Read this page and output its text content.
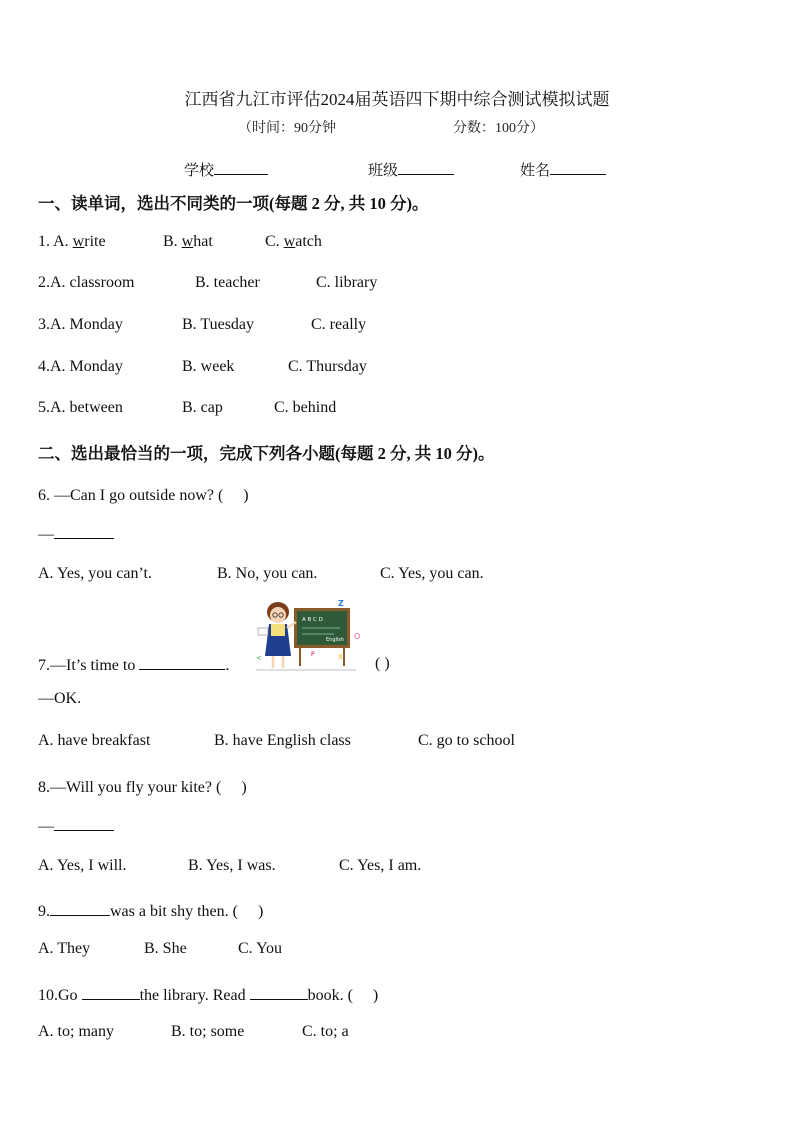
江西省九江市评估2024届英语四下期中综合测试模拟试题
（时间：90分钟	分数：100分）
学校	班级	姓名
一、读单词，选出不同类的一项(每题 2 分, 共 10 分)。
1. A. write	B. what	C. watch
2.A. classroom	B. teacher	C. library
3.A. Monday	B. Tuesday	C. really
4.A. Monday	B. week	C. Thursday
5.A. between	B. cap	C. behind
二、选出最恰当的一项，完成下列各小题(每题 2 分, 共 10 分)。
6. —Can I go outside now? (　 )
—
A. Yes, you can’t.	B. No, you can.	C. Yes, you can.
A B C D
English
Z
O
X
P
<
7.—It’s time to	.	( )
—OK.
A. have breakfast	B. have English class	C. go to school
8.—Will you fly your kite? (　 )
—
A. Yes, I will.	B. Yes, I was.	C. Yes, I am.
9.	was a bit shy then. (　 )
A. They	B. She	C. You
10.Go	the library. Read	book. (　 )
A. to; many	B. to; some	C. to; a
